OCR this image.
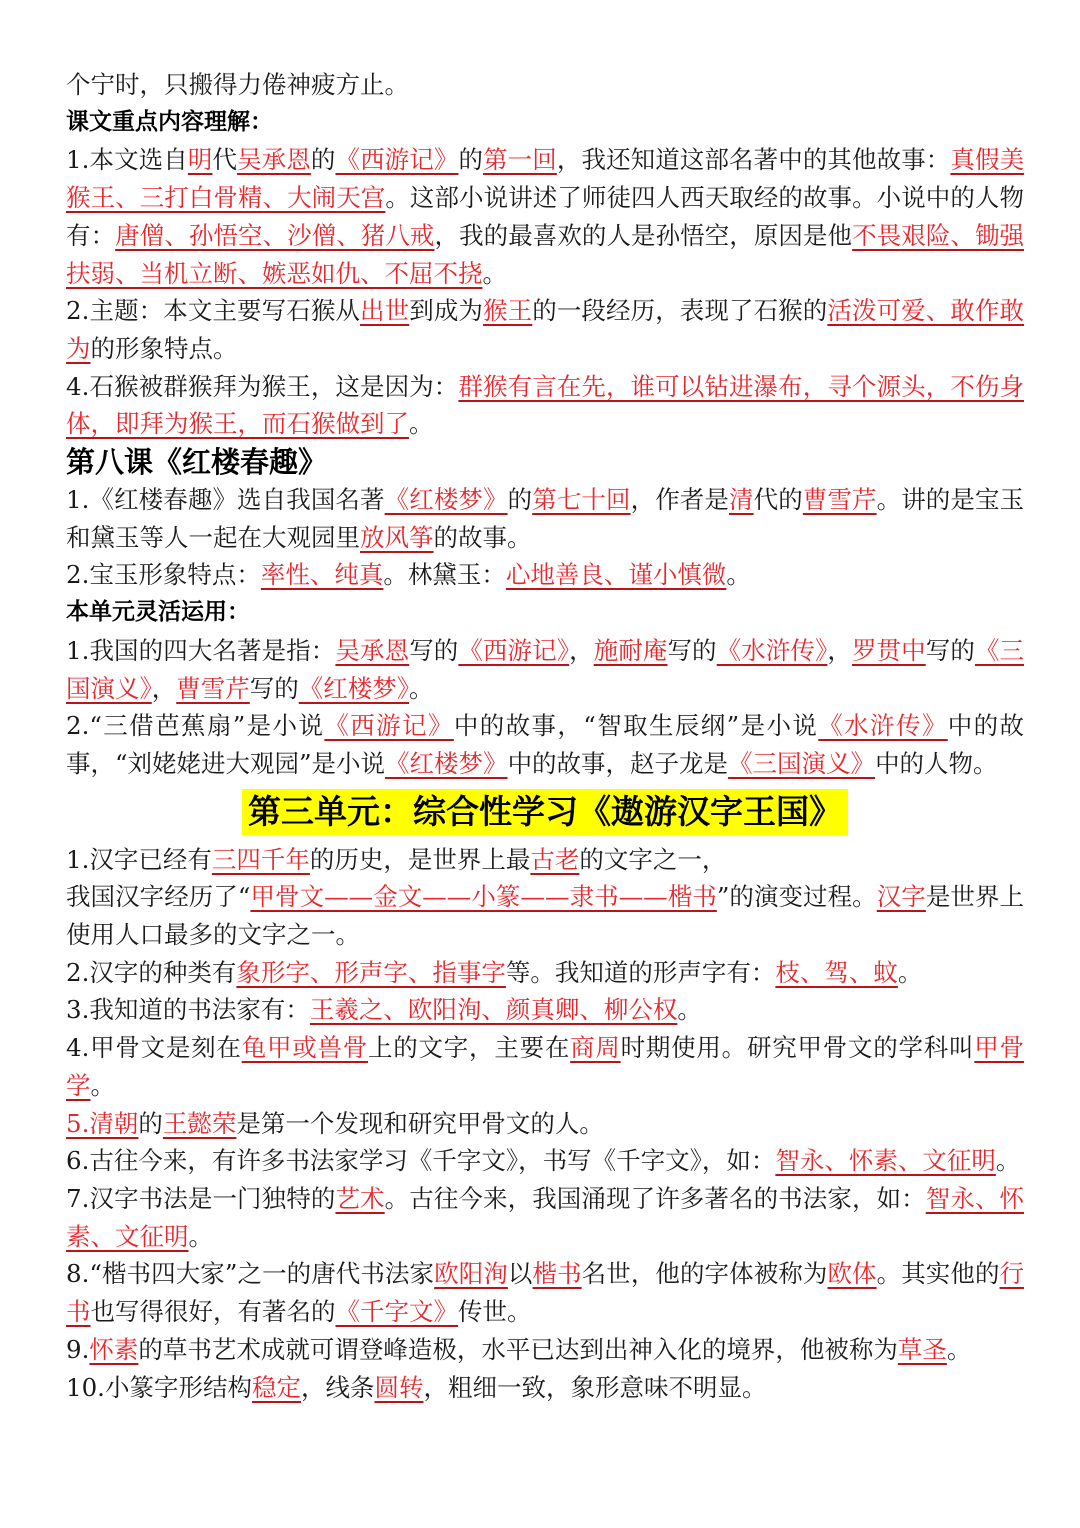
个宁时，只搬得力倦神疲方止。

课文重点内容理解：

1.本文选自明代吴承恩的《西游记》的第一回，我还知道这部名著中的其他故事：真假美猴王、三打白骨精、大闹天宫。这部小说讲述了师徒四人西天取经的故事。小说中的人物有：唐僧、孙悟空、沙僧、猪八戒，我的最喜欢的人是孙悟空，原因是他不畏艰险、锄强扶弱、当机立断、嫉恶如仇、不屈不挠。

2.主题：本文主要写石猴从出世到成为猴王的一段经历，表现了石猴的活泼可爱、敢作敢为的形象特点。

4.石猴被群猴拜为猴王，这是因为：群猴有言在先，谁可以钻进瀑布，寻个源头，不伤身体，即拜为猴王，而石猴做到了。

第八课《红楼春趣》

1.《红楼春趣》选自我国名著《红楼梦》的第七十回，作者是清代的曹雪芹。讲的是宝玉和黛玉等人一起在大观园里放风筝的故事。

2.宝玉形象特点：率性、纯真。林黛玉：心地善良、谨小慎微。

本单元灵活运用：

1.我国的四大名著是指：吴承恩写的《西游记》，施耐庵写的《水浒传》，罗贯中写的《三国演义》，曹雪芹写的《红楼梦》。

2.“三借芭蕉扇”是小说《西游记》中的故事，“智取生辰纲”是小说《水浒传》中的故事，“刘姥姥进大观园”是小说《红楼梦》中的故事，赵子龙是《三国演义》中的人物。

第三单元：综合性学习《遨游汉字王国》

1.汉字已经有三四千年的历史，是世界上最古老的文字之一，
我国汉字经历了“甲骨文——金文——小篆——隶书——楷书”的演变过程。汉字是世界上使用人口最多的文字之一。

2.汉字的种类有象形字、形声字、指事字等。我知道的形声字有：枝、驾、蚊。

3.我知道的书法家有：王羲之、欧阳洵、颜真卿、柳公权。

4.甲骨文是刻在龟甲或兽骨上的文字，主要在商周时期使用。研究甲骨文的学科叫甲骨学。

5.清朝的王懿荣是第一个发现和研究甲骨文的人。

6.古往今来，有许多书法家学习《千字文》，书写《千字文》，如：智永、怀素、文征明。

7.汉字书法是一门独特的艺术。古往今来，我国涌现了许多著名的书法家，如：智永、怀素、文征明。

8.“楷书四大家”之一的唐代书法家欧阳洵以楷书名世，他的字体被称为欧体。其实他的行书也写得很好，有著名的《千字文》传世。

9.怀素的草书艺术成就可谓登峰造极，水平已达到出神入化的境界，他被称为草圣。

10.小篆字形结构稳定，线条圆转，粗细一致，象形意味不明显。
